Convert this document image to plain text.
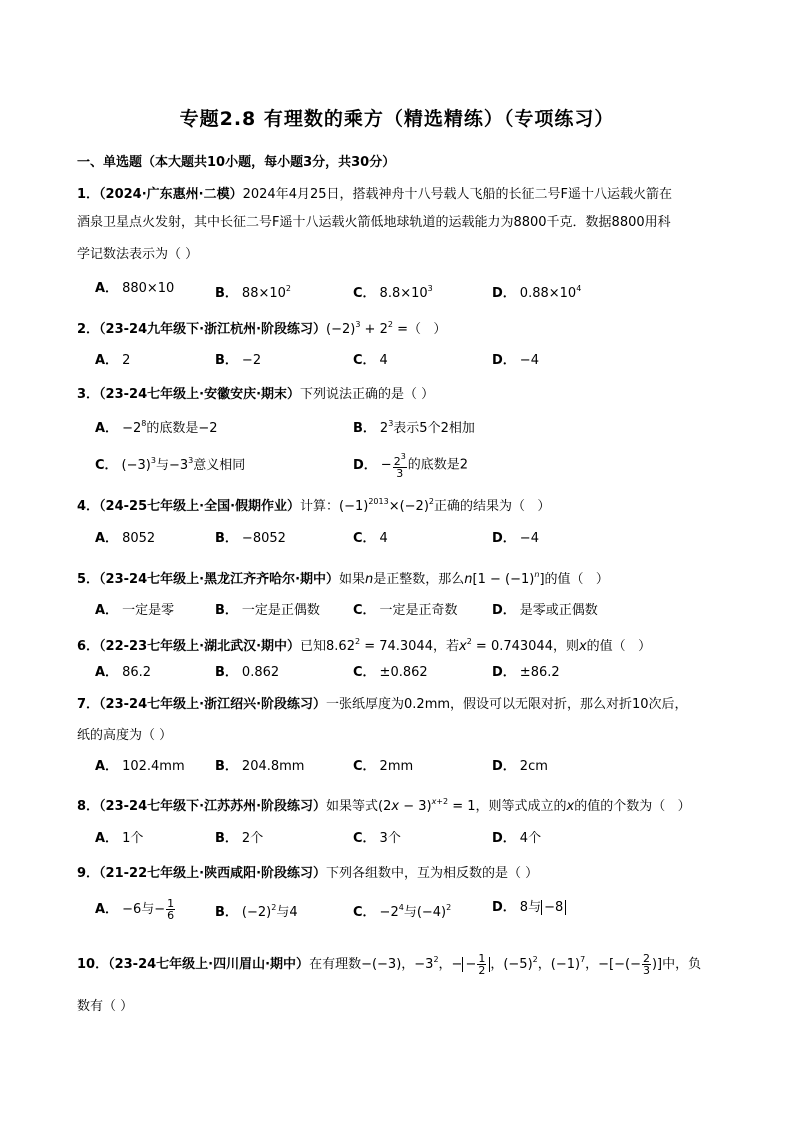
专题2.8 有理数的乘方（精选精练）（专项练习）
一、单选题（本大题共10小题，每小题3分，共30分）
1．（2024·广东惠州·二模）2024年4月25日，搭载神舟十八号载人飞船的长征二号F遥十八运载火箭在
酒泉卫星点火发射，其中长征二号F遥十八运载火箭低地球轨道的运载能力为8800千克．数据8800用科
学记数法表示为（ ）
A． 880×10	B． $88\times 10^2$	C． $8.8\times 10^3$	D． $0.88\times 10^4$
2．（23-24九年级下·浙江杭州·阶段练习）$(-2)^3 + 2^2$ =（   ）
A． 2	B． −2	C． 4	D． −4
3．（23-24七年级上·安徽安庆·期末）下列说法正确的是（ ）
A． $-2^8$的底数是−2	B． $2^3$表示5个2相加
C． $(-3)^3$与$-3^3$意义相同	D． − $\frac{2^3}{3}$ 的底数是2
4．（24-25七年级上·全国·假期作业）计算：$(-1)^{2013}\times(-2)^2$正确的结果为（   ）
A． 8052	B． −8052	C． 4	D． −4
5．（23-24七年级上·黑龙江齐齐哈尔·期中）如果n是正整数，那么$n[1 - (-1)^n]$的值（   ）
A． 一定是零	B． 一定是正偶数	C． 一定是正奇数	D． 是零或正偶数
6．（22-23七年级上·湖北武汉·期中）已知$8.62^2 = 74.3044$，若$x^2 = 0.743044$，则x的值（   ）
A． 86.2	B． 0.862	C． ±0.862	D． ±86.2
7．（23-24七年级上·浙江绍兴·阶段练习）一张纸厚度为0.2mm，假设可以无限对折，那么对折10次后，
纸的高度为（ ）
A． 102.4mm B． 204.8mm	C． 2mm	D． 2cm
8．（23-24七年级下·江苏苏州·阶段练习）如果等式$(2x - 3)^{x+2} = 1$，则等式成立的x的值的个数为（   ）
A． 1个	B． 2个	C． 3个	D． 4个
9．（21-22七年级上·陕西咸阳·阶段练习）下列各组数中，互为相反数的是（ ）
A． −6与− $\frac{1}{6}$	B． $(-2)^2$与4	C． $-2^4$与$(-4)^2$	D． 8与 −8
10．（23-24七年级上·四川眉山·期中）在有理数−(−3)，$-3^2$，− − $\frac{1}{2}$ ，$(-5)^2$，$(-1)^7$，−[−(− $\frac{2}{3}$ )]中，负
数有（ ）
